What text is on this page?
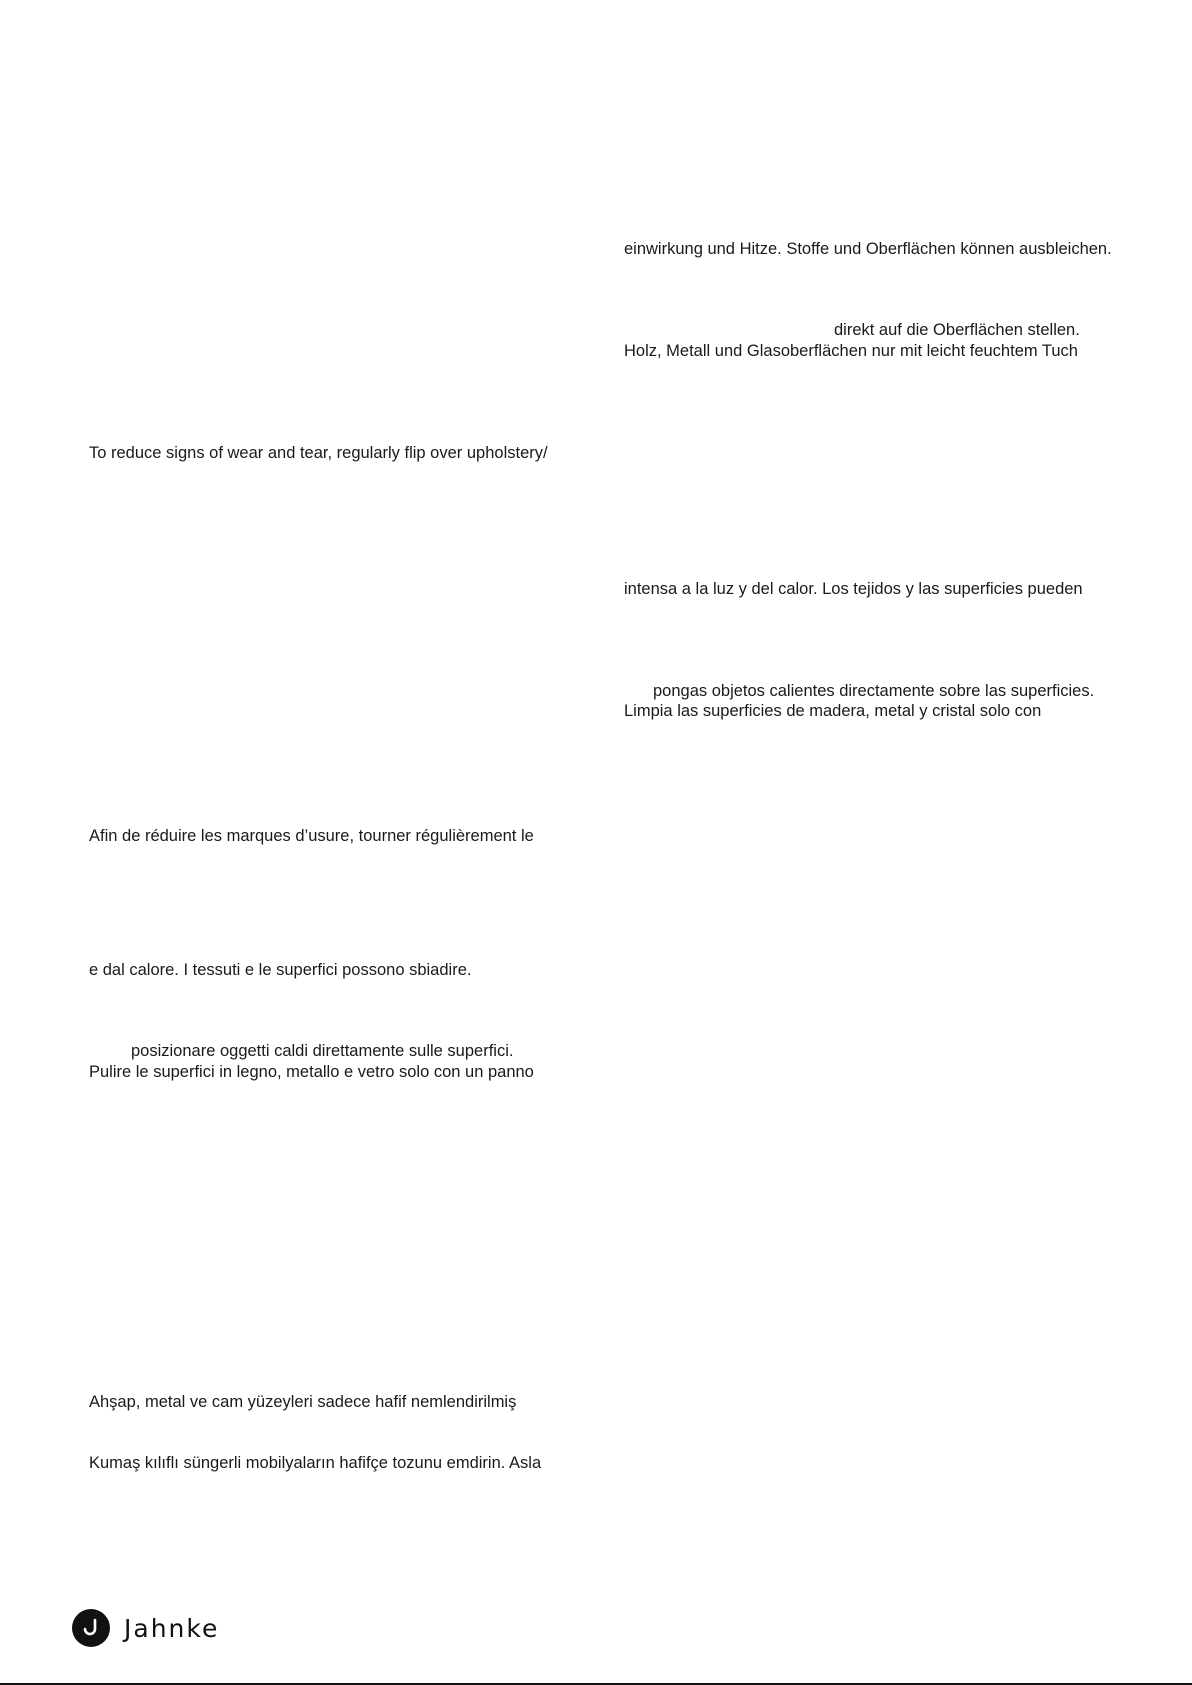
einwirkung und Hitze. Stoffe und Oberflächen können ausbleichen.
direkt auf die Oberflächen stellen.
Holz, Metall und Glasoberflächen nur mit leicht feuchtem Tuch
intensa a la luz y del calor. Los tejidos y las superficies pueden
pongas objetos calientes directamente sobre las superficies.
Limpia las superficies de madera, metal y cristal solo con
To reduce signs of wear and tear, regularly flip over upholstery/
Afin de réduire les marques d’usure, tourner régulièrement le
e dal calore. I tessuti e le superfici possono sbiadire.
posizionare oggetti caldi direttamente sulle superfici.
Pulire le superfici in legno, metallo e vetro solo con un panno
Ahşap, metal ve cam yüzeyleri sadece hafif nemlendirilmiş
Kumaş kılıflı süngerli mobilyaların hafifçe tozunu emdirin. Asla
Jahnke
